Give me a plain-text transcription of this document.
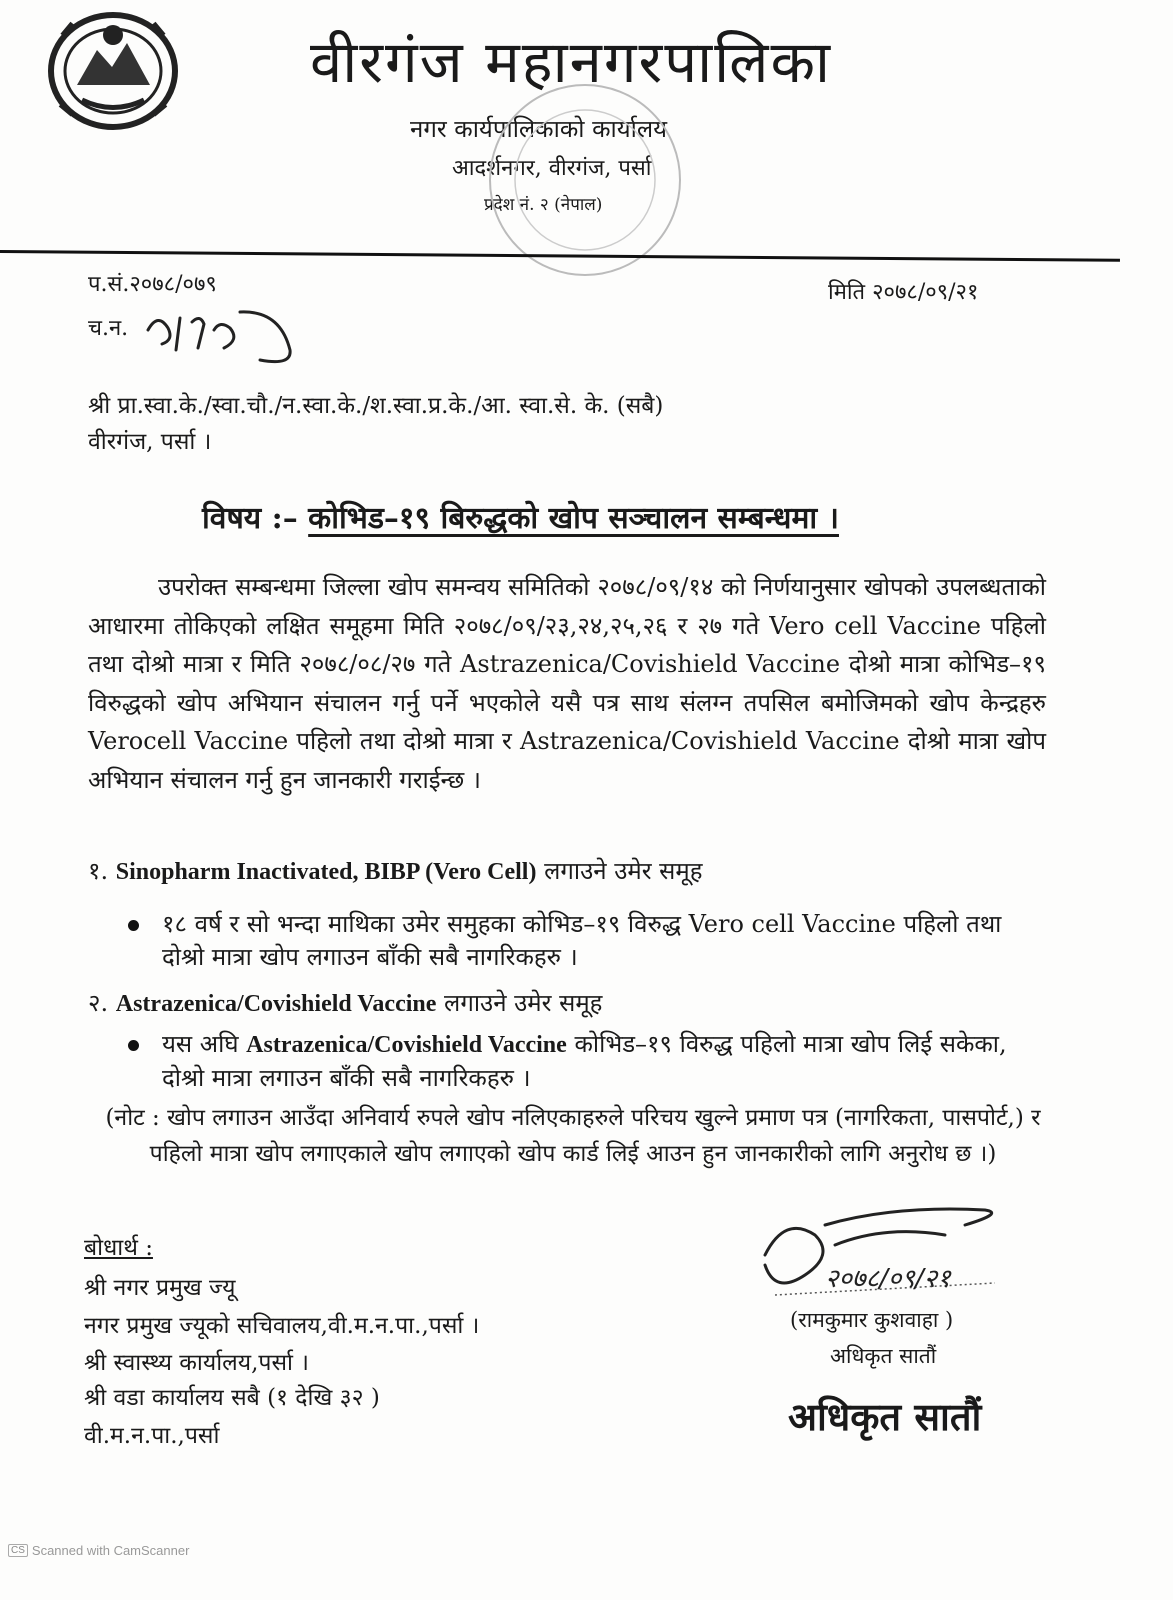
वीरगंज महानगरपालिका
नगर कार्यपालिकाको कार्यालय
आदर्शनगर, वीरगंज, पर्सा
प्रदेश नं. २ (नेपाल)
प.सं.२०७८/०७९	मिति २०७८/०९/२१
च.न.
श्री प्रा.स्वा.के./स्वा.चौ./न.स्वा.के./श.स्वा.प्र.के./आ. स्वा.से. के. (सबै)
वीरगंज, पर्सा ।
विषय :– कोभिड–१९ बिरुद्धको खोप सञ्चालन सम्बन्धमा ।
उपरोक्त सम्बन्धमा जिल्ला खोप समन्वय समितिको २०७८/०९/१४ को निर्णयानुसार खोपको उपलब्धताको आधारमा तोकिएको लक्षित समूहमा मिति २०७८/०९/२३,२४,२५,२६ र २७ गते Vero cell Vaccine पहिलो तथा दोश्रो मात्रा र मिति २०७८/०८/२७ गते Astrazenica/Covishield Vaccine दोश्रो मात्रा कोभिड–१९ विरुद्धको खोप अभियान संचालन गर्नु पर्ने भएकोले यसै पत्र साथ संलग्न तपसिल बमोजिमको खोप केन्द्रहरु Verocell Vaccine पहिलो तथा दोश्रो मात्रा र Astrazenica/Covishield Vaccine दोश्रो मात्रा खोप अभियान संचालन गर्नु हुन जानकारी गराईन्छ ।
१. Sinopharm Inactivated, BIBP (Vero Cell) लगाउने उमेर समूह
१८ वर्ष र सो भन्दा माथिका उमेर समुहका कोभिड–१९ विरुद्ध Vero cell Vaccine पहिलो तथा दोश्रो मात्रा खोप लगाउन बाँकी सबै नागरिकहरु ।
२. Astrazenica/Covishield Vaccine लगाउने उमेर समूह
यस अघि Astrazenica/Covishield Vaccine कोभिड–१९ विरुद्ध पहिलो मात्रा खोप लिई सकेका, दोश्रो मात्रा लगाउन बाँकी सबै नागरिकहरु ।
(नोट : खोप लगाउन आउँदा अनिवार्य रुपले खोप नलिएकाहरुले परिचय खुल्ने प्रमाण पत्र (नागरिकता, पासपोर्ट,) र पहिलो मात्रा खोप लगाएकाले खोप लगाएको खोप कार्ड लिई आउन हुन जानकारीको लागि अनुरोध छ ।)
बोधार्थ :
श्री नगर प्रमुख ज्यू
नगर प्रमुख ज्यूको सचिवालय,वी.म.न.पा.,पर्सा ।
श्री स्वास्थ्य कार्यालय,पर्सा ।
श्री वडा कार्यालय सबै (१ देखि ३२ )
वी.म.न.पा.,पर्सा
२०७८/०९/२१
(रामकुमार कुशवाहा )
अधिकृत सातौं
अधिकृत सातौं
CS Scanned with CamScanner
